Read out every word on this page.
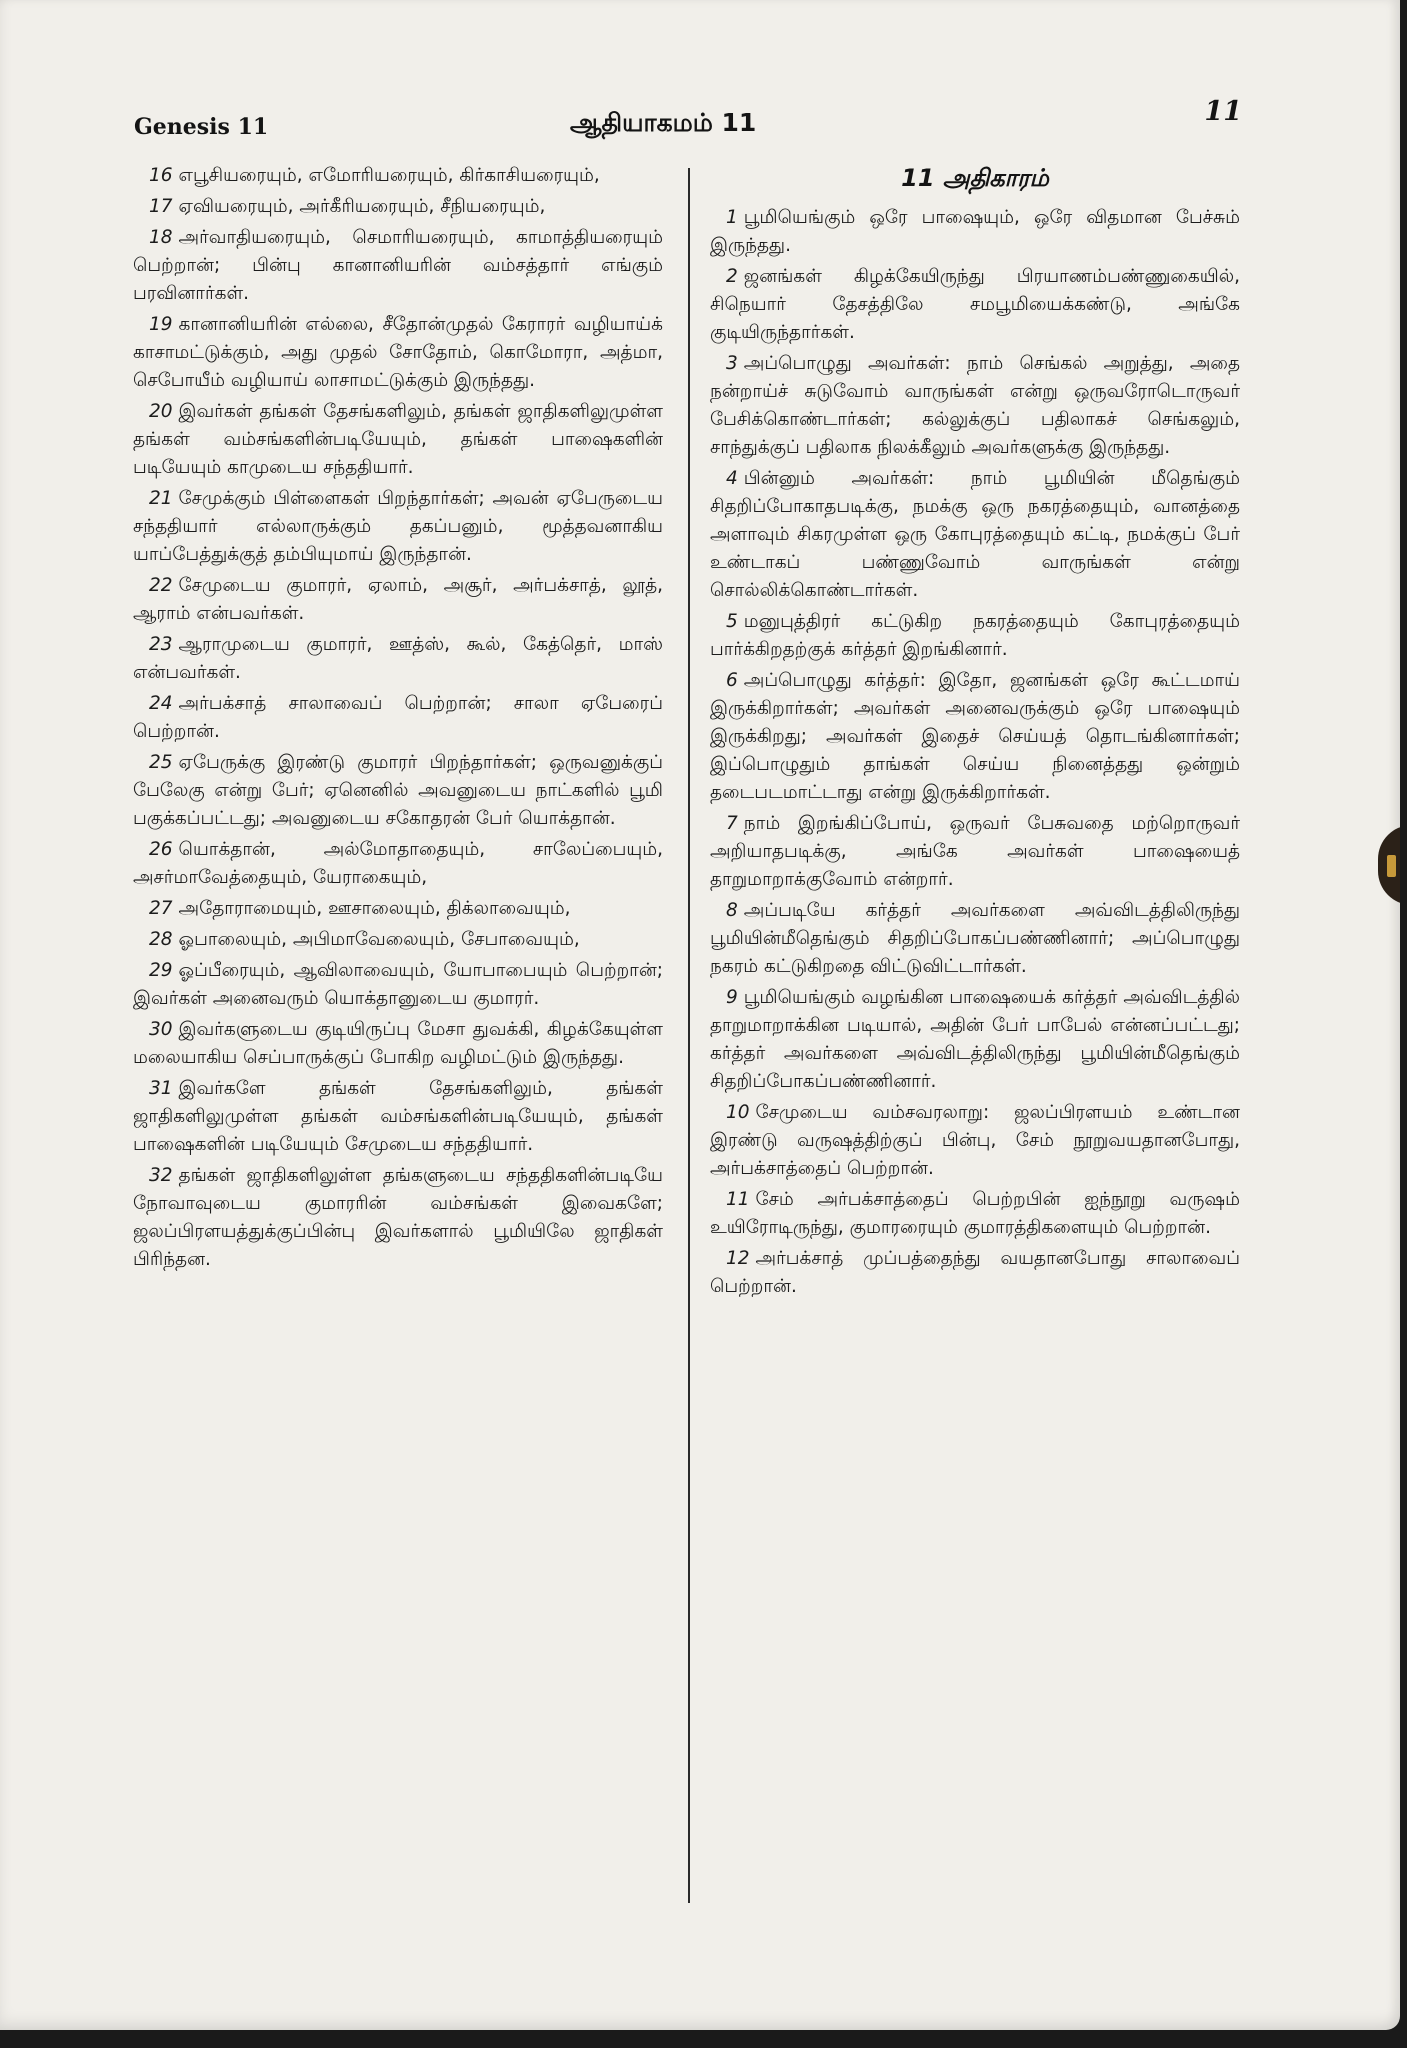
Genesis 11	ஆதியாகமம் 11	11

16 எபூசியரையும், எமோரியரையும், கிர்காசியரையும்,

17 ஏவியரையும், அர்கீரியரையும், சீநியரையும்,

18 அர்வாதியரையும், செமாரியரையும், காமாத்தியரையும் பெற்றான்; பின்பு கானானியரின் வம்சத்தார் எங்கும் பரவினார்கள்.

19 கானானியரின் எல்லை, சீதோன்முதல் கேராரர் வழியாய்க் காசாமட்டுக்கும், அது முதல் சோதோம், கொமோரா, அத்மா, செபோயீம் வழியாய் லாசாமட்டுக்கும் இருந்தது.

20 இவர்கள் தங்கள் தேசங்களிலும், தங்கள் ஜாதிகளிலுமுள்ள தங்கள் வம்சங்களின்படியேயும், தங்கள் பாஷைகளின் படியேயும் காமுடைய சந்ததியார்.

21 சேமுக்கும் பிள்ளைகள் பிறந்தார்கள்; அவன் ஏபேருடைய சந்ததியார் எல்லாருக்கும் தகப்பனும், மூத்தவனாகிய யாப்பேத்துக்குத் தம்பியுமாய் இருந்தான்.

22 சேமுடைய குமாரர், ஏலாம், அசூர், அர்பக்சாத், லூத், ஆராம் என்பவர்கள்.

23 ஆராமுடைய குமாரர், ஊத்ஸ், கூல், கேத்தெர், மாஸ் என்பவர்கள்.

24 அர்பக்சாத் சாலாவைப் பெற்றான்; சாலா ஏபேரைப் பெற்றான்.

25 ஏபேருக்கு இரண்டு குமாரர் பிறந்தார்கள்; ஒருவனுக்குப் பேலேகு என்று பேர்; ஏனெனில் அவனுடைய நாட்களில் பூமி பகுக்கப்பட்டது; அவனுடைய சகோதரன் பேர் யொக்தான்.

26 யொக்தான், அல்மோதாதையும், சாலேப்பையும், அசர்மாவேத்தையும், யேராகையும்,

27 அதோராமையும், ஊசாலையும், திக்லாவையும்,

28 ஓபாலையும், அபிமாவேலையும், சேபாவையும்,

29 ஓப்பீரையும், ஆவிலாவையும், யோபாபையும் பெற்றான்; இவர்கள் அனைவரும் யொக்தானுடைய குமாரர்.

30 இவர்களுடைய குடியிருப்பு மேசா துவக்கி, கிழக்கேயுள்ள மலையாகிய செப்பாருக்குப் போகிற வழிமட்டும் இருந்தது.

31 இவர்களே தங்கள் தேசங்களிலும், தங்கள் ஜாதிகளிலுமுள்ள தங்கள் வம்சங்களின்படியேயும், தங்கள் பாஷைகளின் படியேயும் சேமுடைய சந்ததியார்.

32 தங்கள் ஜாதிகளிலுள்ள தங்களுடைய சந்ததிகளின்படியே நோவாவுடைய குமாரரின் வம்சங்கள் இவைகளே; ஜலப்பிரளயத்துக்குப்பின்பு இவர்களால் பூமியிலே ஜாதிகள் பிரிந்தன.

11 அதிகாரம்

1 பூமியெங்கும் ஒரே பாஷையும், ஒரே விதமான பேச்சும் இருந்தது.

2 ஜனங்கள் கிழக்கேயிருந்து பிரயாணம்பண்ணுகையில், சிநெயார் தேசத்திலே சமபூமியைக்கண்டு, அங்கே குடியிருந்தார்கள்.

3 அப்பொழுது அவர்கள்: நாம் செங்கல் அறுத்து, அதை நன்றாய்ச் சுடுவோம் வாருங்கள் என்று ஒருவரோடொருவர் பேசிக்கொண்டார்கள்; கல்லுக்குப் பதிலாகச் செங்கலும், சாந்துக்குப் பதிலாக நிலக்கீலும் அவர்களுக்கு இருந்தது.

4 பின்னும் அவர்கள்: நாம் பூமியின் மீதெங்கும் சிதறிப்போகாதபடிக்கு, நமக்கு ஒரு நகரத்தையும், வானத்தை அளாவும் சிகரமுள்ள ஒரு கோபுரத்தையும் கட்டி, நமக்குப் பேர் உண்டாகப் பண்ணுவோம் வாருங்கள் என்று சொல்லிக்கொண்டார்கள்.

5 மனுபுத்திரர் கட்டுகிற நகரத்தையும் கோபுரத்தையும் பார்க்கிறதற்குக் கர்த்தர் இறங்கினார்.

6 அப்பொழுது கர்த்தர்: இதோ, ஜனங்கள் ஒரே கூட்டமாய் இருக்கிறார்கள்; அவர்கள் அனைவருக்கும் ஒரே பாஷையும் இருக்கிறது; அவர்கள் இதைச் செய்யத் தொடங்கினார்கள்; இப்பொழுதும் தாங்கள் செய்ய நினைத்தது ஒன்றும் தடைபடமாட்டாது என்று இருக்கிறார்கள்.

7 நாம் இறங்கிப்போய், ஒருவர் பேசுவதை மற்றொருவர் அறியாதபடிக்கு, அங்கே அவர்கள் பாஷையைத் தாறுமாறாக்குவோம் என்றார்.

8 அப்படியே கர்த்தர் அவர்களை அவ்விடத்திலிருந்து பூமியின்மீதெங்கும் சிதறிப்போகப்பண்ணினார்; அப்பொழுது நகரம் கட்டுகிறதை விட்டுவிட்டார்கள்.

9 பூமியெங்கும் வழங்கின பாஷையைக் கர்த்தர் அவ்விடத்தில் தாறுமாறாக்கின படியால், அதின் பேர் பாபேல் என்னப்பட்டது; கர்த்தர் அவர்களை அவ்விடத்திலிருந்து பூமியின்மீதெங்கும் சிதறிப்போகப்பண்ணினார்.

10 சேமுடைய வம்சவரலாறு: ஜலப்பிரளயம் உண்டான இரண்டு வருஷத்திற்குப் பின்பு, சேம் நூறுவயதானபோது, அர்பக்சாத்தைப் பெற்றான்.

11 சேம் அர்பக்சாத்தைப் பெற்றபின் ஐந்நூறு வருஷம் உயிரோடிருந்து, குமாரரையும் குமாரத்திகளையும் பெற்றான்.

12 அர்பக்சாத் முப்பத்தைந்து வயதானபோது சாலாவைப் பெற்றான்.
